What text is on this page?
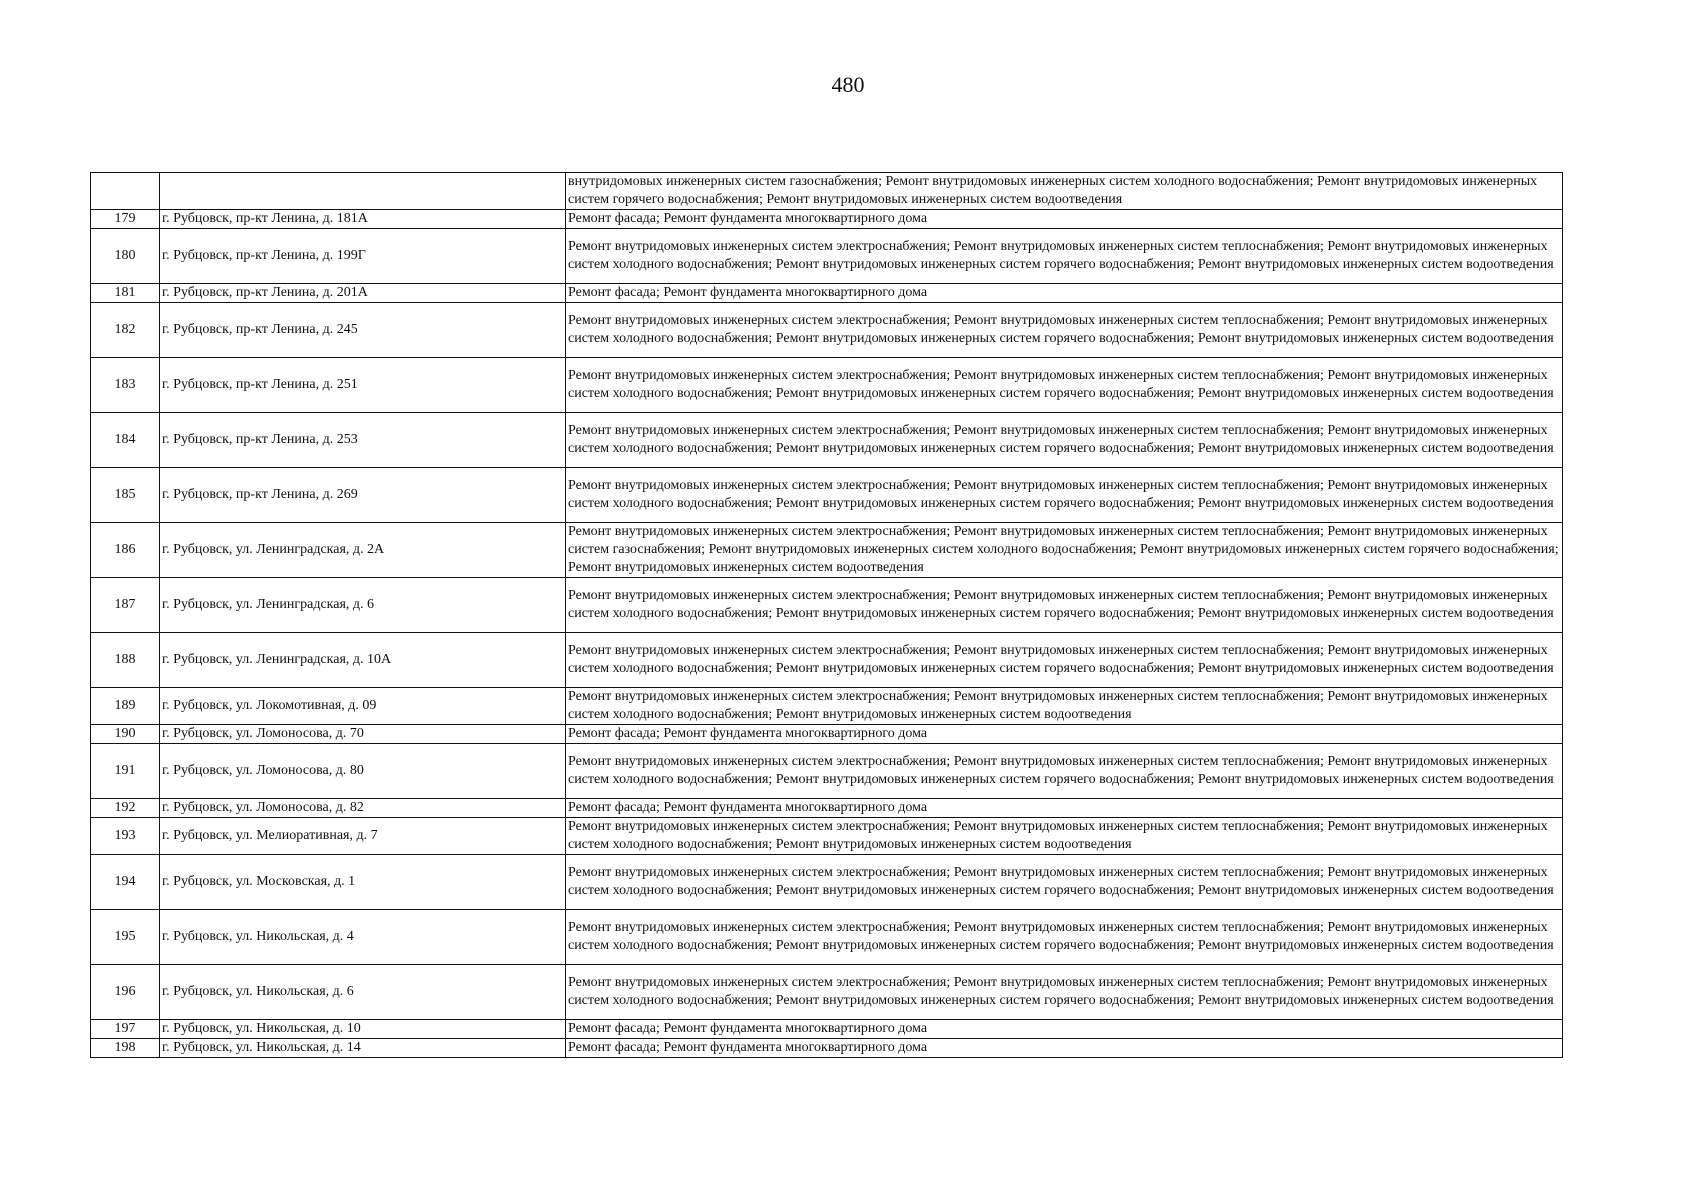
480
		внутридомовых инженерных систем газоснабжения; Ремонт внутридомовых инженерных систем холодного водоснабжения; Ремонт внутридомовых инженерных систем горячего водоснабжения; Ремонт внутридомовых инженерных систем водоотведения
179	г. Рубцовск, пр-кт Ленина, д. 181А	Ремонт фасада; Ремонт фундамента многоквартирного дома
180	г. Рубцовск, пр-кт Ленина, д. 199Г	Ремонт внутридомовых инженерных систем электроснабжения; Ремонт внутридомовых инженерных систем теплоснабжения; Ремонт внутридомовых инженерных систем холодного водоснабжения; Ремонт внутридомовых инженерных систем горячего водоснабжения; Ремонт внутридомовых инженерных систем водоотведения
181	г. Рубцовск, пр-кт Ленина, д. 201А	Ремонт фасада; Ремонт фундамента многоквартирного дома
182	г. Рубцовск, пр-кт Ленина, д. 245	Ремонт внутридомовых инженерных систем электроснабжения; Ремонт внутридомовых инженерных систем теплоснабжения; Ремонт внутридомовых инженерных систем холодного водоснабжения; Ремонт внутридомовых инженерных систем горячего водоснабжения; Ремонт внутридомовых инженерных систем водоотведения
183	г. Рубцовск, пр-кт Ленина, д. 251	Ремонт внутридомовых инженерных систем электроснабжения; Ремонт внутридомовых инженерных систем теплоснабжения; Ремонт внутридомовых инженерных систем холодного водоснабжения; Ремонт внутридомовых инженерных систем горячего водоснабжения; Ремонт внутридомовых инженерных систем водоотведения
184	г. Рубцовск, пр-кт Ленина, д. 253	Ремонт внутридомовых инженерных систем электроснабжения; Ремонт внутридомовых инженерных систем теплоснабжения; Ремонт внутридомовых инженерных систем холодного водоснабжения; Ремонт внутридомовых инженерных систем горячего водоснабжения; Ремонт внутридомовых инженерных систем водоотведения
185	г. Рубцовск, пр-кт Ленина, д. 269	Ремонт внутридомовых инженерных систем электроснабжения; Ремонт внутридомовых инженерных систем теплоснабжения; Ремонт внутридомовых инженерных систем холодного водоснабжения; Ремонт внутридомовых инженерных систем горячего водоснабжения; Ремонт внутридомовых инженерных систем водоотведения
186	г. Рубцовск, ул. Ленинградская, д. 2А	Ремонт внутридомовых инженерных систем электроснабжения; Ремонт внутридомовых инженерных систем теплоснабжения; Ремонт внутридомовых инженерных систем газоснабжения; Ремонт внутридомовых инженерных систем холодного водоснабжения; Ремонт внутридомовых инженерных систем горячего водоснабжения; Ремонт внутридомовых инженерных систем водоотведения
187	г. Рубцовск, ул. Ленинградская, д. 6	Ремонт внутридомовых инженерных систем электроснабжения; Ремонт внутридомовых инженерных систем теплоснабжения; Ремонт внутридомовых инженерных систем холодного водоснабжения; Ремонт внутридомовых инженерных систем горячего водоснабжения; Ремонт внутридомовых инженерных систем водоотведения
188	г. Рубцовск, ул. Ленинградская, д. 10А	Ремонт внутридомовых инженерных систем электроснабжения; Ремонт внутридомовых инженерных систем теплоснабжения; Ремонт внутридомовых инженерных систем холодного водоснабжения; Ремонт внутридомовых инженерных систем горячего водоснабжения; Ремонт внутридомовых инженерных систем водоотведения
189	г. Рубцовск, ул. Локомотивная, д. 09	Ремонт внутридомовых инженерных систем электроснабжения; Ремонт внутридомовых инженерных систем теплоснабжения; Ремонт внутридомовых инженерных систем холодного водоснабжения; Ремонт внутридомовых инженерных систем водоотведения
190	г. Рубцовск, ул. Ломоносова, д. 70	Ремонт фасада; Ремонт фундамента многоквартирного дома
191	г. Рубцовск, ул. Ломоносова, д. 80	Ремонт внутридомовых инженерных систем электроснабжения; Ремонт внутридомовых инженерных систем теплоснабжения; Ремонт внутридомовых инженерных систем холодного водоснабжения; Ремонт внутридомовых инженерных систем горячего водоснабжения; Ремонт внутридомовых инженерных систем водоотведения
192	г. Рубцовск, ул. Ломоносова, д. 82	Ремонт фасада; Ремонт фундамента многоквартирного дома
193	г. Рубцовск, ул. Мелиоративная, д. 7	Ремонт внутридомовых инженерных систем электроснабжения; Ремонт внутридомовых инженерных систем теплоснабжения; Ремонт внутридомовых инженерных систем холодного водоснабжения; Ремонт внутридомовых инженерных систем водоотведения
194	г. Рубцовск, ул. Московская, д. 1	Ремонт внутридомовых инженерных систем электроснабжения; Ремонт внутридомовых инженерных систем теплоснабжения; Ремонт внутридомовых инженерных систем холодного водоснабжения; Ремонт внутридомовых инженерных систем горячего водоснабжения; Ремонт внутридомовых инженерных систем водоотведения
195	г. Рубцовск, ул. Никольская, д. 4	Ремонт внутридомовых инженерных систем электроснабжения; Ремонт внутридомовых инженерных систем теплоснабжения; Ремонт внутридомовых инженерных систем холодного водоснабжения; Ремонт внутридомовых инженерных систем горячего водоснабжения; Ремонт внутридомовых инженерных систем водоотведения
196	г. Рубцовск, ул. Никольская, д. 6	Ремонт внутридомовых инженерных систем электроснабжения; Ремонт внутридомовых инженерных систем теплоснабжения; Ремонт внутридомовых инженерных систем холодного водоснабжения; Ремонт внутридомовых инженерных систем горячего водоснабжения; Ремонт внутридомовых инженерных систем водоотведения
197	г. Рубцовск, ул. Никольская, д. 10	Ремонт фасада; Ремонт фундамента многоквартирного дома
198	г. Рубцовск, ул. Никольская, д. 14	Ремонт фасада; Ремонт фундамента многоквартирного дома
